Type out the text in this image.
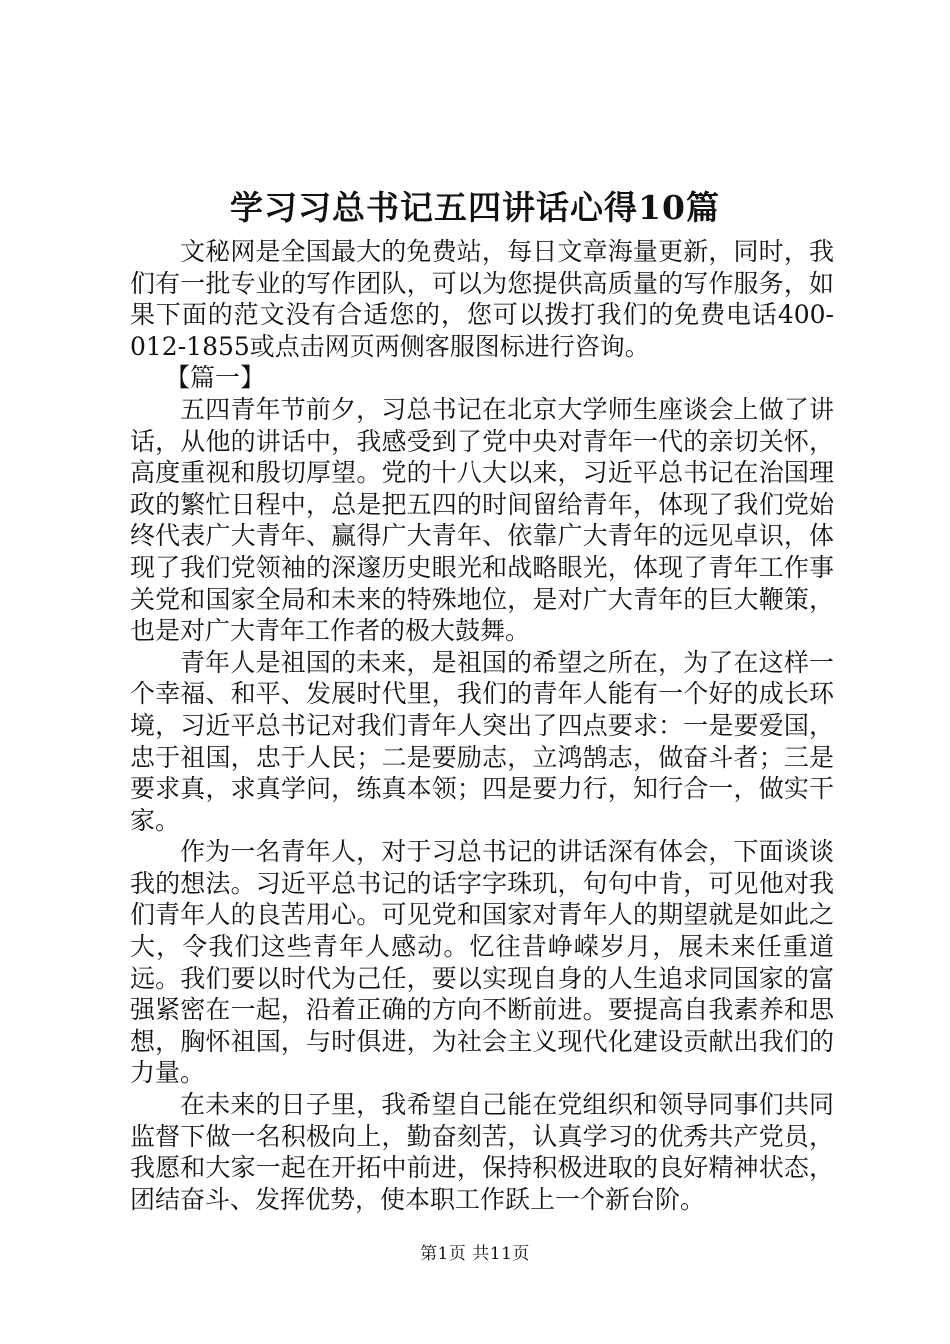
学习习总书记五四讲话心得10篇

文秘网是全国最大的免费站，每日文章海量更新，同时，我们有一批专业的写作团队，可以为您提供高质量的写作服务，如果下面的范文没有合适您的，您可以拨打我们的免费电话400-012-1855或点击网页两侧客服图标进行咨询。

【篇一】

五四青年节前夕，习总书记在北京大学师生座谈会上做了讲话，从他的讲话中，我感受到了党中央对青年一代的亲切关怀，高度重视和殷切厚望。党的十八大以来，习近平总书记在治国理政的繁忙日程中，总是把五四的时间留给青年，体现了我们党始终代表广大青年、赢得广大青年、依靠广大青年的远见卓识，体现了我们党领袖的深邃历史眼光和战略眼光，体现了青年工作事关党和国家全局和未来的特殊地位，是对广大青年的巨大鞭策，也是对广大青年工作者的极大鼓舞。

青年人是祖国的未来，是祖国的希望之所在，为了在这样一个幸福、和平、发展时代里，我们的青年人能有一个好的成长环境，习近平总书记对我们青年人突出了四点要求：一是要爱国，忠于祖国，忠于人民；二是要励志，立鸿鹄志，做奋斗者；三是要求真，求真学问，练真本领；四是要力行，知行合一，做实干家。

作为一名青年人，对于习总书记的讲话深有体会，下面谈谈我的想法。习近平总书记的话字字珠玑，句句中肯，可见他对我们青年人的良苦用心。可见党和国家对青年人的期望就是如此之大，令我们这些青年人感动。忆往昔峥嵘岁月，展未来任重道远。我们要以时代为己任，要以实现自身的人生追求同国家的富强紧密在一起，沿着正确的方向不断前进。要提高自我素养和思想，胸怀祖国，与时俱进，为社会主义现代化建设贡献出我们的力量。

在未来的日子里，我希望自己能在党组织和领导同事们共同监督下做一名积极向上，勤奋刻苦，认真学习的优秀共产党员，我愿和大家一起在开拓中前进，保持积极进取的良好精神状态，团结奋斗、发挥优势，使本职工作跃上一个新台阶。

第1页 共11页
